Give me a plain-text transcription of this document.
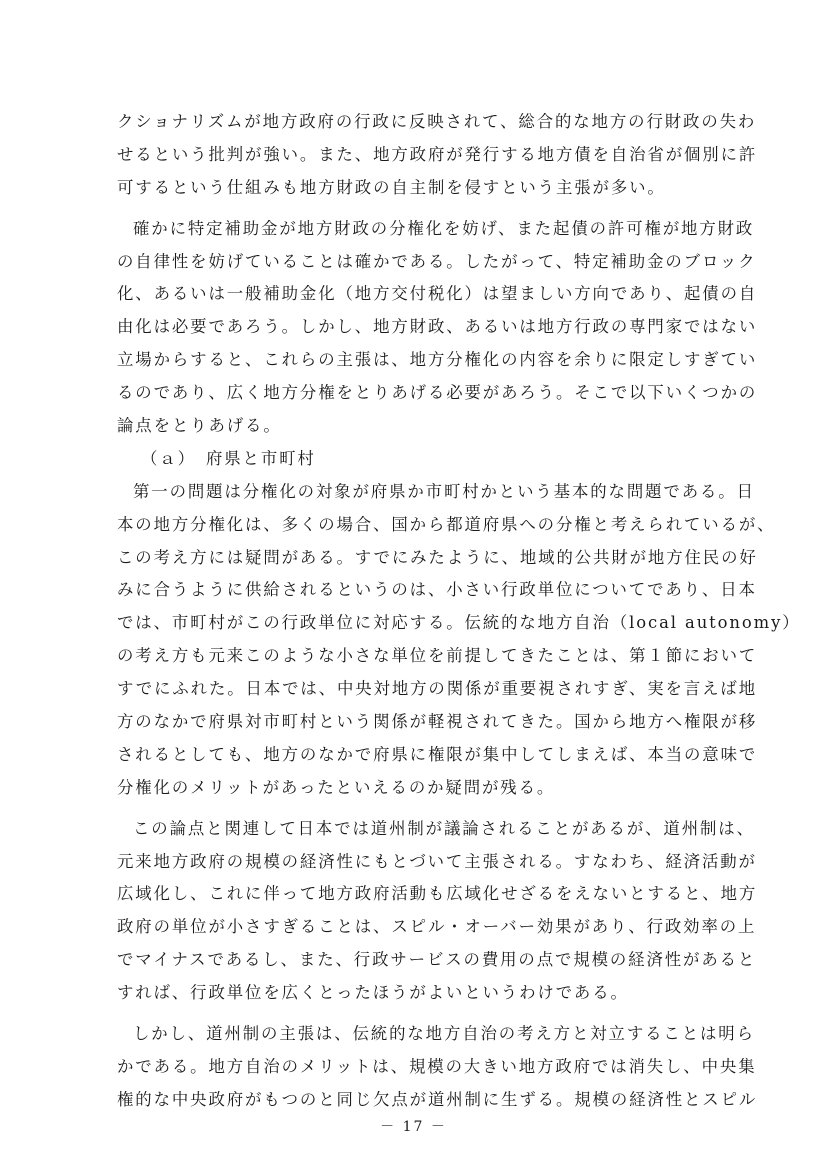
クショナリズムが地方政府の行政に反映されて、総合的な地方の行財政の失わ
せるという批判が強い。また、地方政府が発行する地方債を自治省が個別に許
可するという仕組みも地方財政の自主制を侵すという主張が多い。
確かに特定補助金が地方財政の分権化を妨げ、また起債の許可権が地方財政
の自律性を妨げていることは確かである。したがって、特定補助金のブロック
化、あるいは一般補助金化（地方交付税化）は望ましい方向であり、起債の自
由化は必要であろう。しかし、地方財政、あるいは地方行政の専門家ではない
立場からすると、これらの主張は、地方分権化の内容を余りに限定しすぎてい
るのであり、広く地方分権をとりあげる必要があろう。そこで以下いくつかの
論点をとりあげる。
（ａ）　府県と市町村
第一の問題は分権化の対象が府県か市町村かという基本的な問題である。日
本の地方分権化は、多くの場合、国から都道府県への分権と考えられているが、
この考え方には疑問がある。すでにみたように、地域的公共財が地方住民の好
みに合うように供給されるというのは、小さい行政単位についてであり、日本
では、市町村がこの行政単位に対応する。伝統的な地方自治（local autonomy）
の考え方も元来このような小さな単位を前提してきたことは、第１節において
すでにふれた。日本では、中央対地方の関係が重要視されすぎ、実を言えば地
方のなかで府県対市町村という関係が軽視されてきた。国から地方へ権限が移
されるとしても、地方のなかで府県に権限が集中してしまえば、本当の意味で
分権化のメリットがあったといえるのか疑問が残る。
この論点と関連して日本では道州制が議論されることがあるが、道州制は、
元来地方政府の規模の経済性にもとづいて主張される。すなわち、経済活動が
広域化し、これに伴って地方政府活動も広域化せざるをえないとすると、地方
政府の単位が小さすぎることは、スピル・オーバー効果があり、行政効率の上
でマイナスであるし、また、行政サービスの費用の点で規模の経済性があると
すれば、行政単位を広くとったほうがよいというわけである。
しかし、道州制の主張は、伝統的な地方自治の考え方と対立することは明ら
かである。地方自治のメリットは、規模の大きい地方政府では消失し、中央集
権的な中央政府がもつのと同じ欠点が道州制に生ずる。規模の経済性とスピル
－ 17 －
